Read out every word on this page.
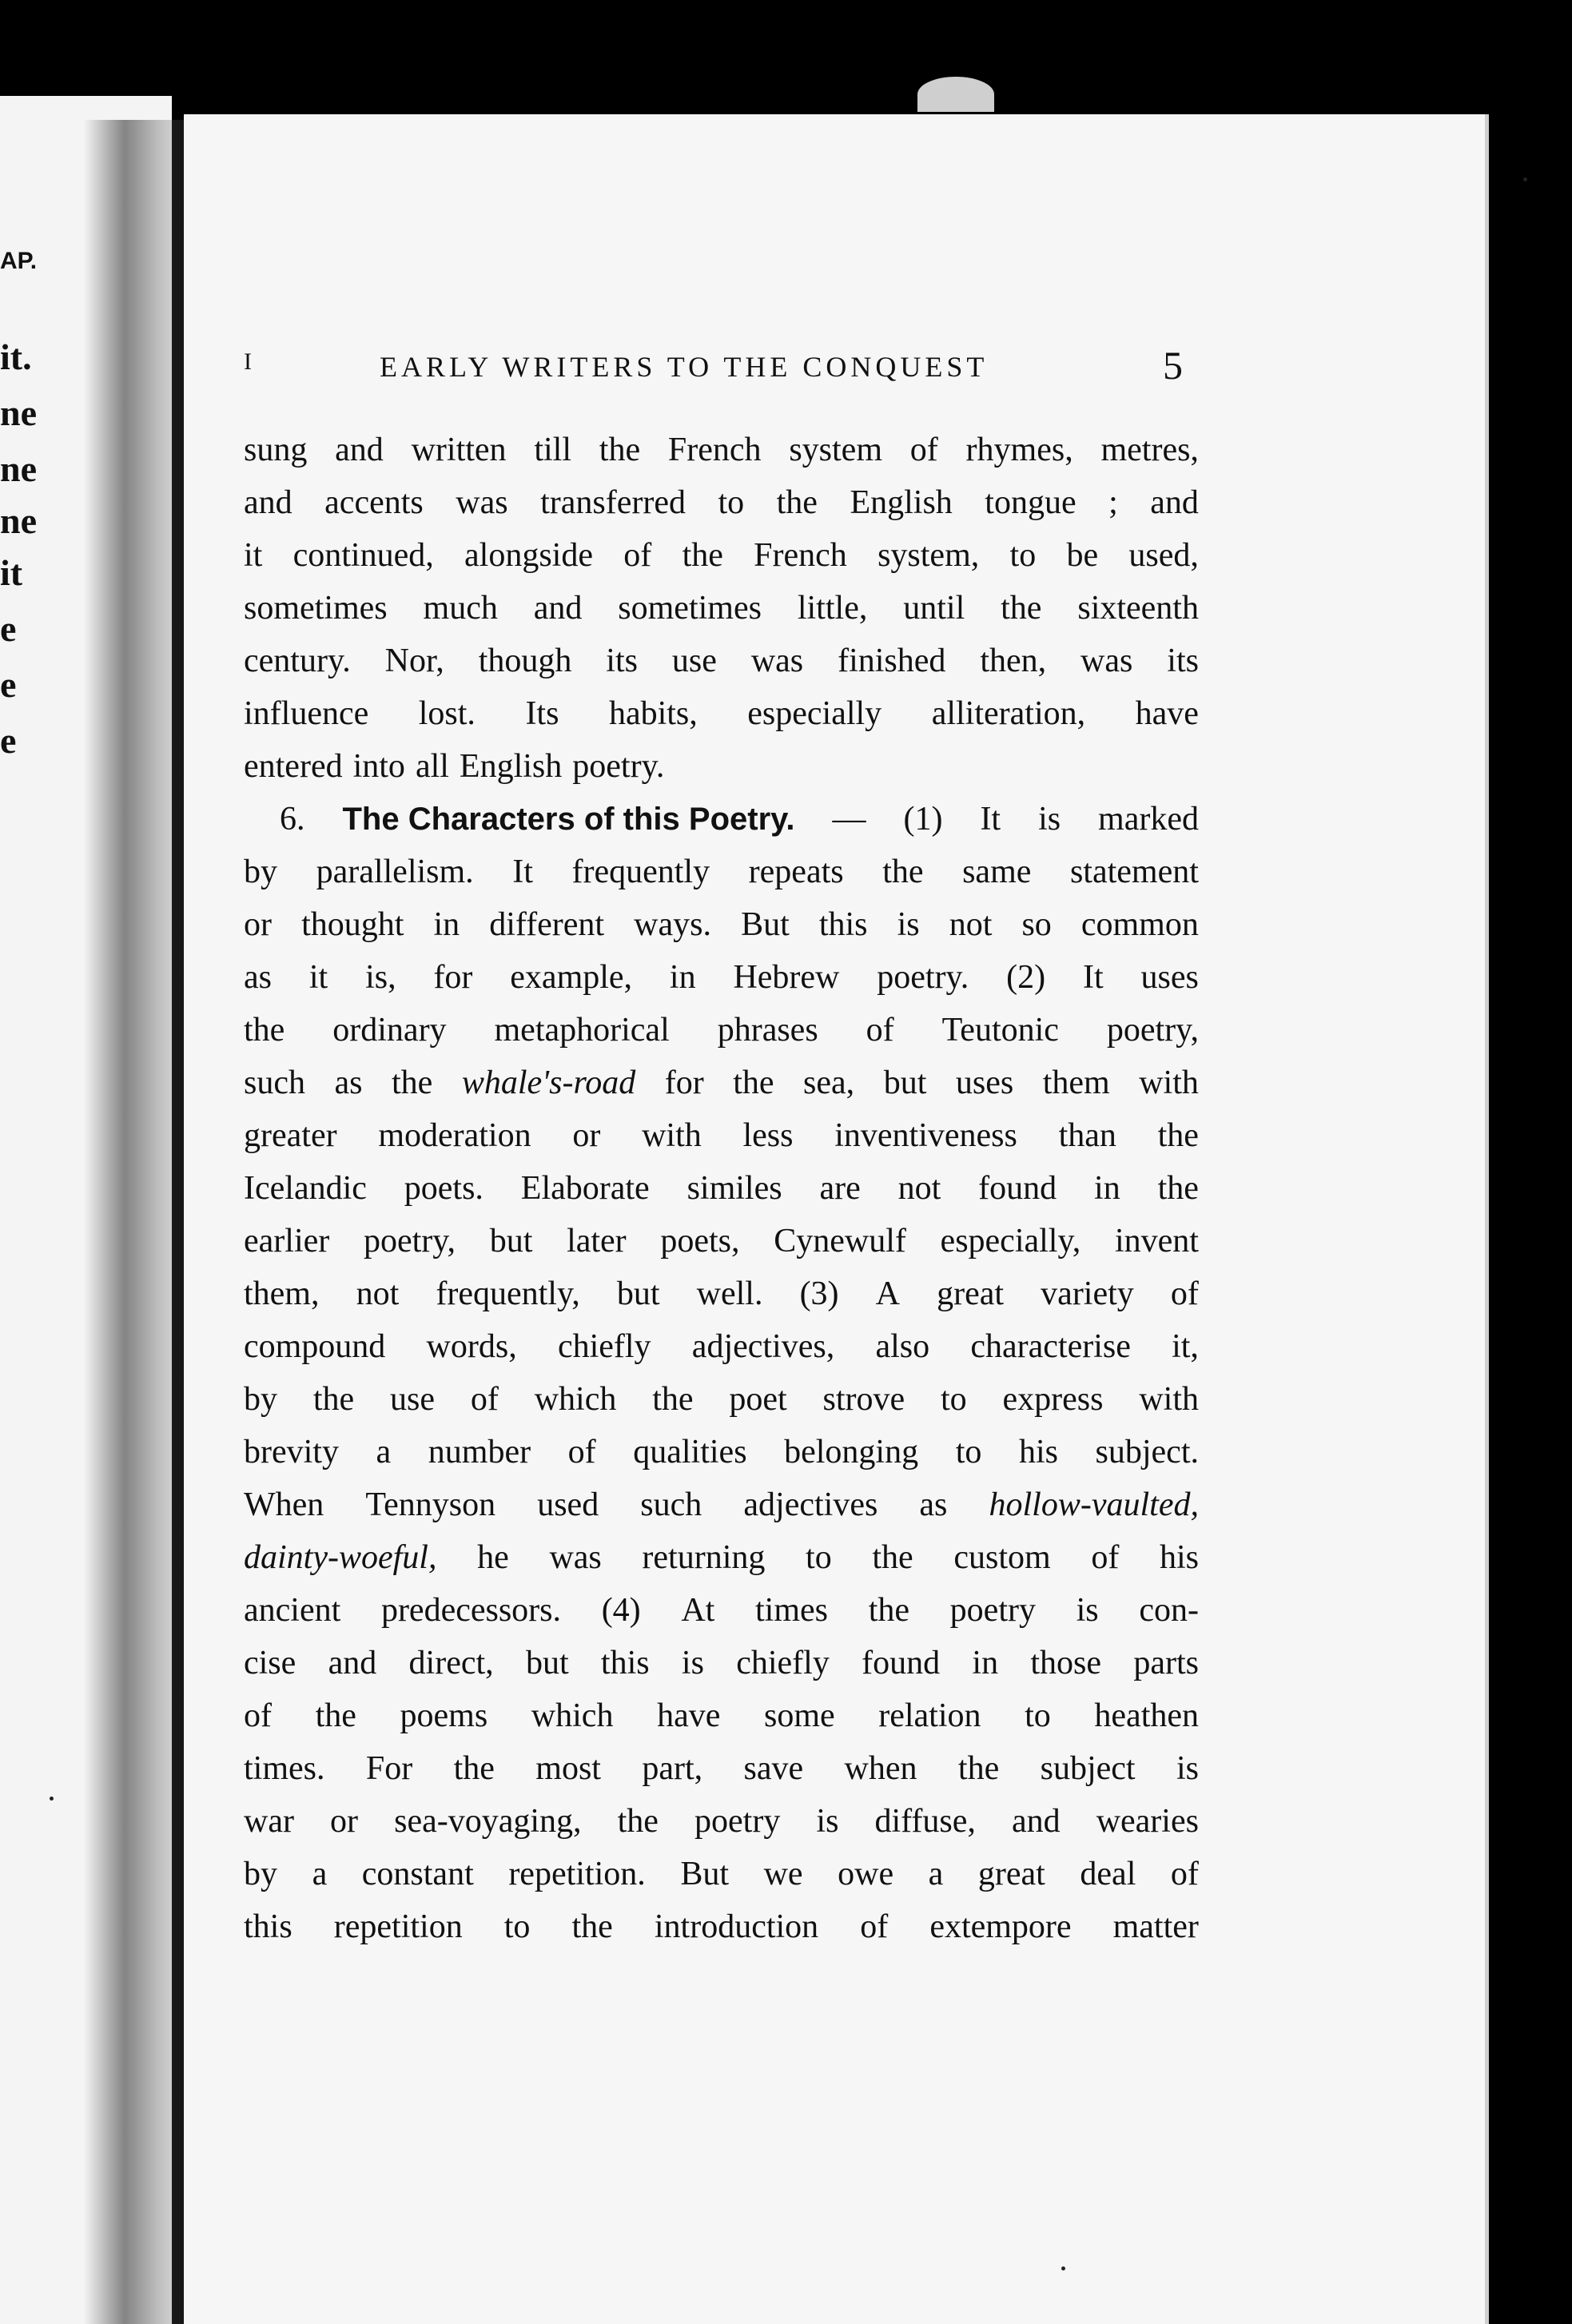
AP.
it.
ne
ne
ne
it
e
e
e
I	EARLY WRITERS TO THE CONQUEST	5
sung and written till the French system of rhymes, metres,
and accents was transferred to the English tongue ; and
it continued, alongside of the French system, to be used,
sometimes much and sometimes little, until the sixteenth
century. Nor, though its use was finished then, was its
influence lost. Its habits, especially alliteration, have
entered into all English poetry.
6. The Characters of this Poetry. — (1) It is marked
by parallelism. It frequently repeats the same statement
or thought in different ways. But this is not so common
as it is, for example, in Hebrew poetry. (2) It uses
the ordinary metaphorical phrases of Teutonic poetry,
such as the whale's-road for the sea, but uses them with
greater moderation or with less inventiveness than the
Icelandic poets. Elaborate similes are not found in the
earlier poetry, but later poets, Cynewulf especially, invent
them, not frequently, but well. (3) A great variety of
compound words, chiefly adjectives, also characterise it,
by the use of which the poet strove to express with
brevity a number of qualities belonging to his subject.
When Tennyson used such adjectives as hollow-vaulted,
dainty-woeful, he was returning to the custom of his
ancient predecessors. (4) At times the poetry is con-
cise and direct, but this is chiefly found in those parts
of the poems which have some relation to heathen
times. For the most part, save when the subject is
war or sea-voyaging, the poetry is diffuse, and wearies
by a constant repetition. But we owe a great deal of
this repetition to the introduction of extempore matter
